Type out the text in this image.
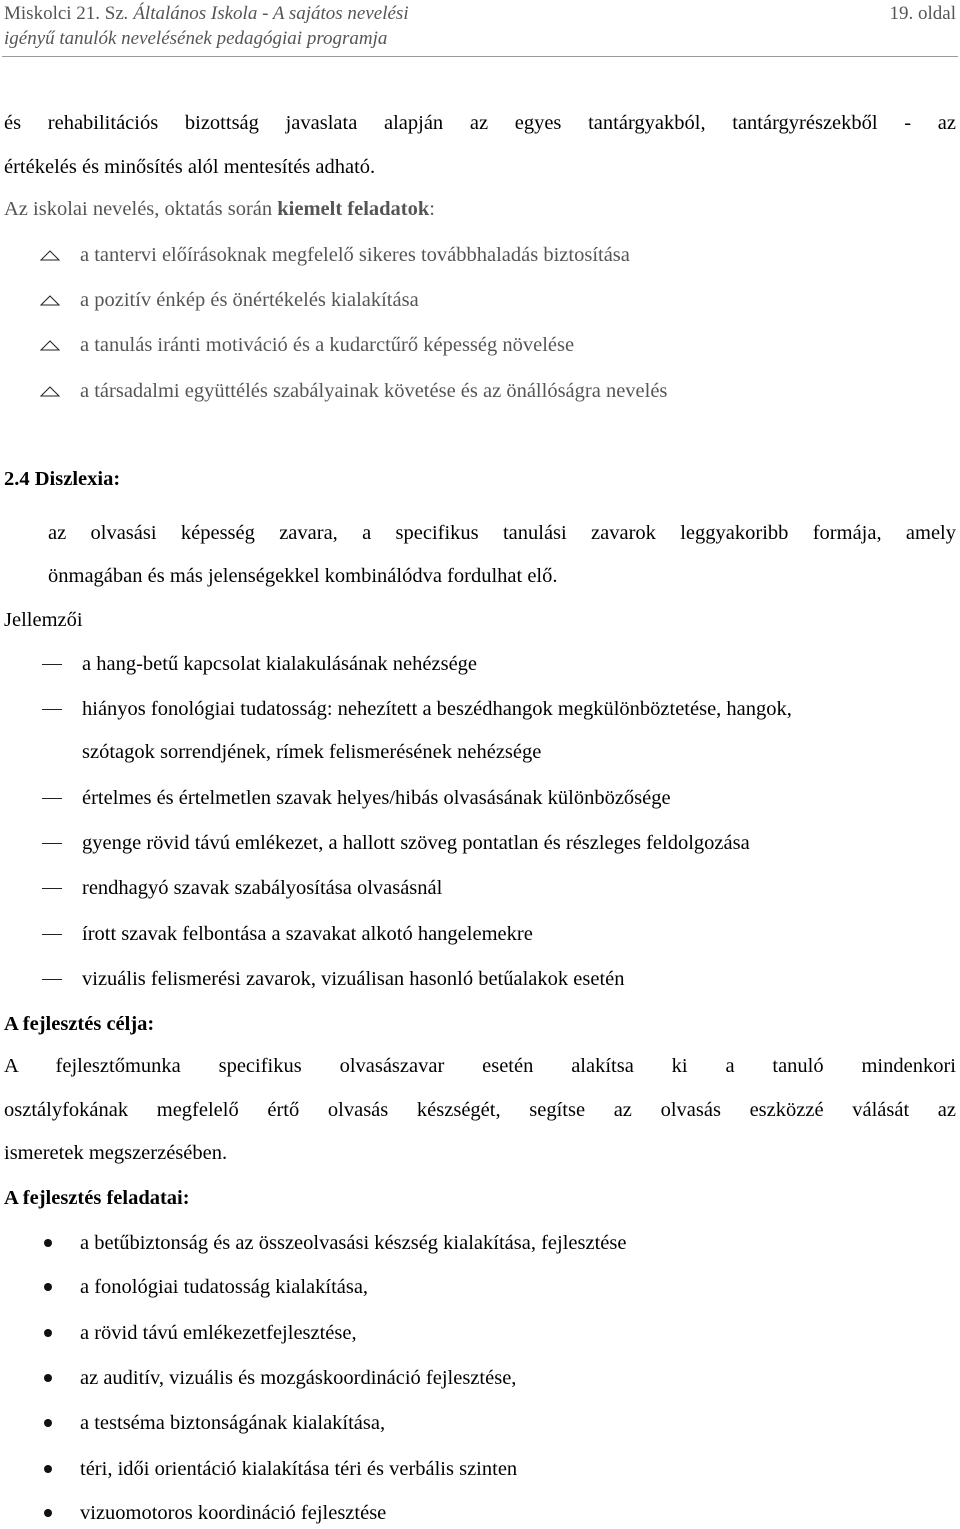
Miskolci 21. Sz. Általános Iskola - A sajátos nevelési
igényű tanulók nevelésének pedagógiai programja
19. oldal
és rehabilitációs bizottság javaslata alapján az egyes tantárgyakból, tantárgyrészekből - az
értékelés és minősítés alól mentesítés adható.
Az iskolai nevelés, oktatás során kiemelt feladatok:
a tantervi előírásoknak megfelelő sikeres továbbhaladás biztosítása
a pozitív énkép és önértékelés kialakítása
a tanulás iránti motiváció és a kudarctűrő képesség növelése
a társadalmi együttélés szabályainak követése és az önállóságra nevelés
2.4 Diszlexia:
az olvasási képesség zavara, a specifikus tanulási zavarok leggyakoribb formája, amely
önmagában és más jelenségekkel kombinálódva fordulhat elő.
Jellemzői
a hang-betű kapcsolat kialakulásának nehézsége
hiányos fonológiai tudatosság: nehezített a beszédhangok megkülönböztetése, hangok,
szótagok sorrendjének, rímek felismerésének nehézsége
értelmes és értelmetlen szavak helyes/hibás olvasásának különbözősége
gyenge rövid távú emlékezet, a hallott szöveg pontatlan és részleges feldolgozása
rendhagyó szavak szabályosítása olvasásnál
írott szavak felbontása a szavakat alkotó hangelemekre
vizuális felismerési zavarok, vizuálisan hasonló betűalakok esetén
A fejlesztés célja:
A fejlesztőmunka specifikus olvasászavar esetén alakítsa ki a tanuló mindenkori
osztályfokának megfelelő értő olvasás készségét, segítse az olvasás eszközzé válását az
ismeretek megszerzésében.
A fejlesztés feladatai:
a betűbiztonság és az összeolvasási készség kialakítása, fejlesztése
a fonológiai tudatosság kialakítása,
a rövid távú emlékezetfejlesztése,
az auditív, vizuális és mozgáskoordináció fejlesztése,
a testséma biztonságának kialakítása,
téri, idői orientáció kialakítása téri és verbális szinten
vizuomotoros koordináció fejlesztése
